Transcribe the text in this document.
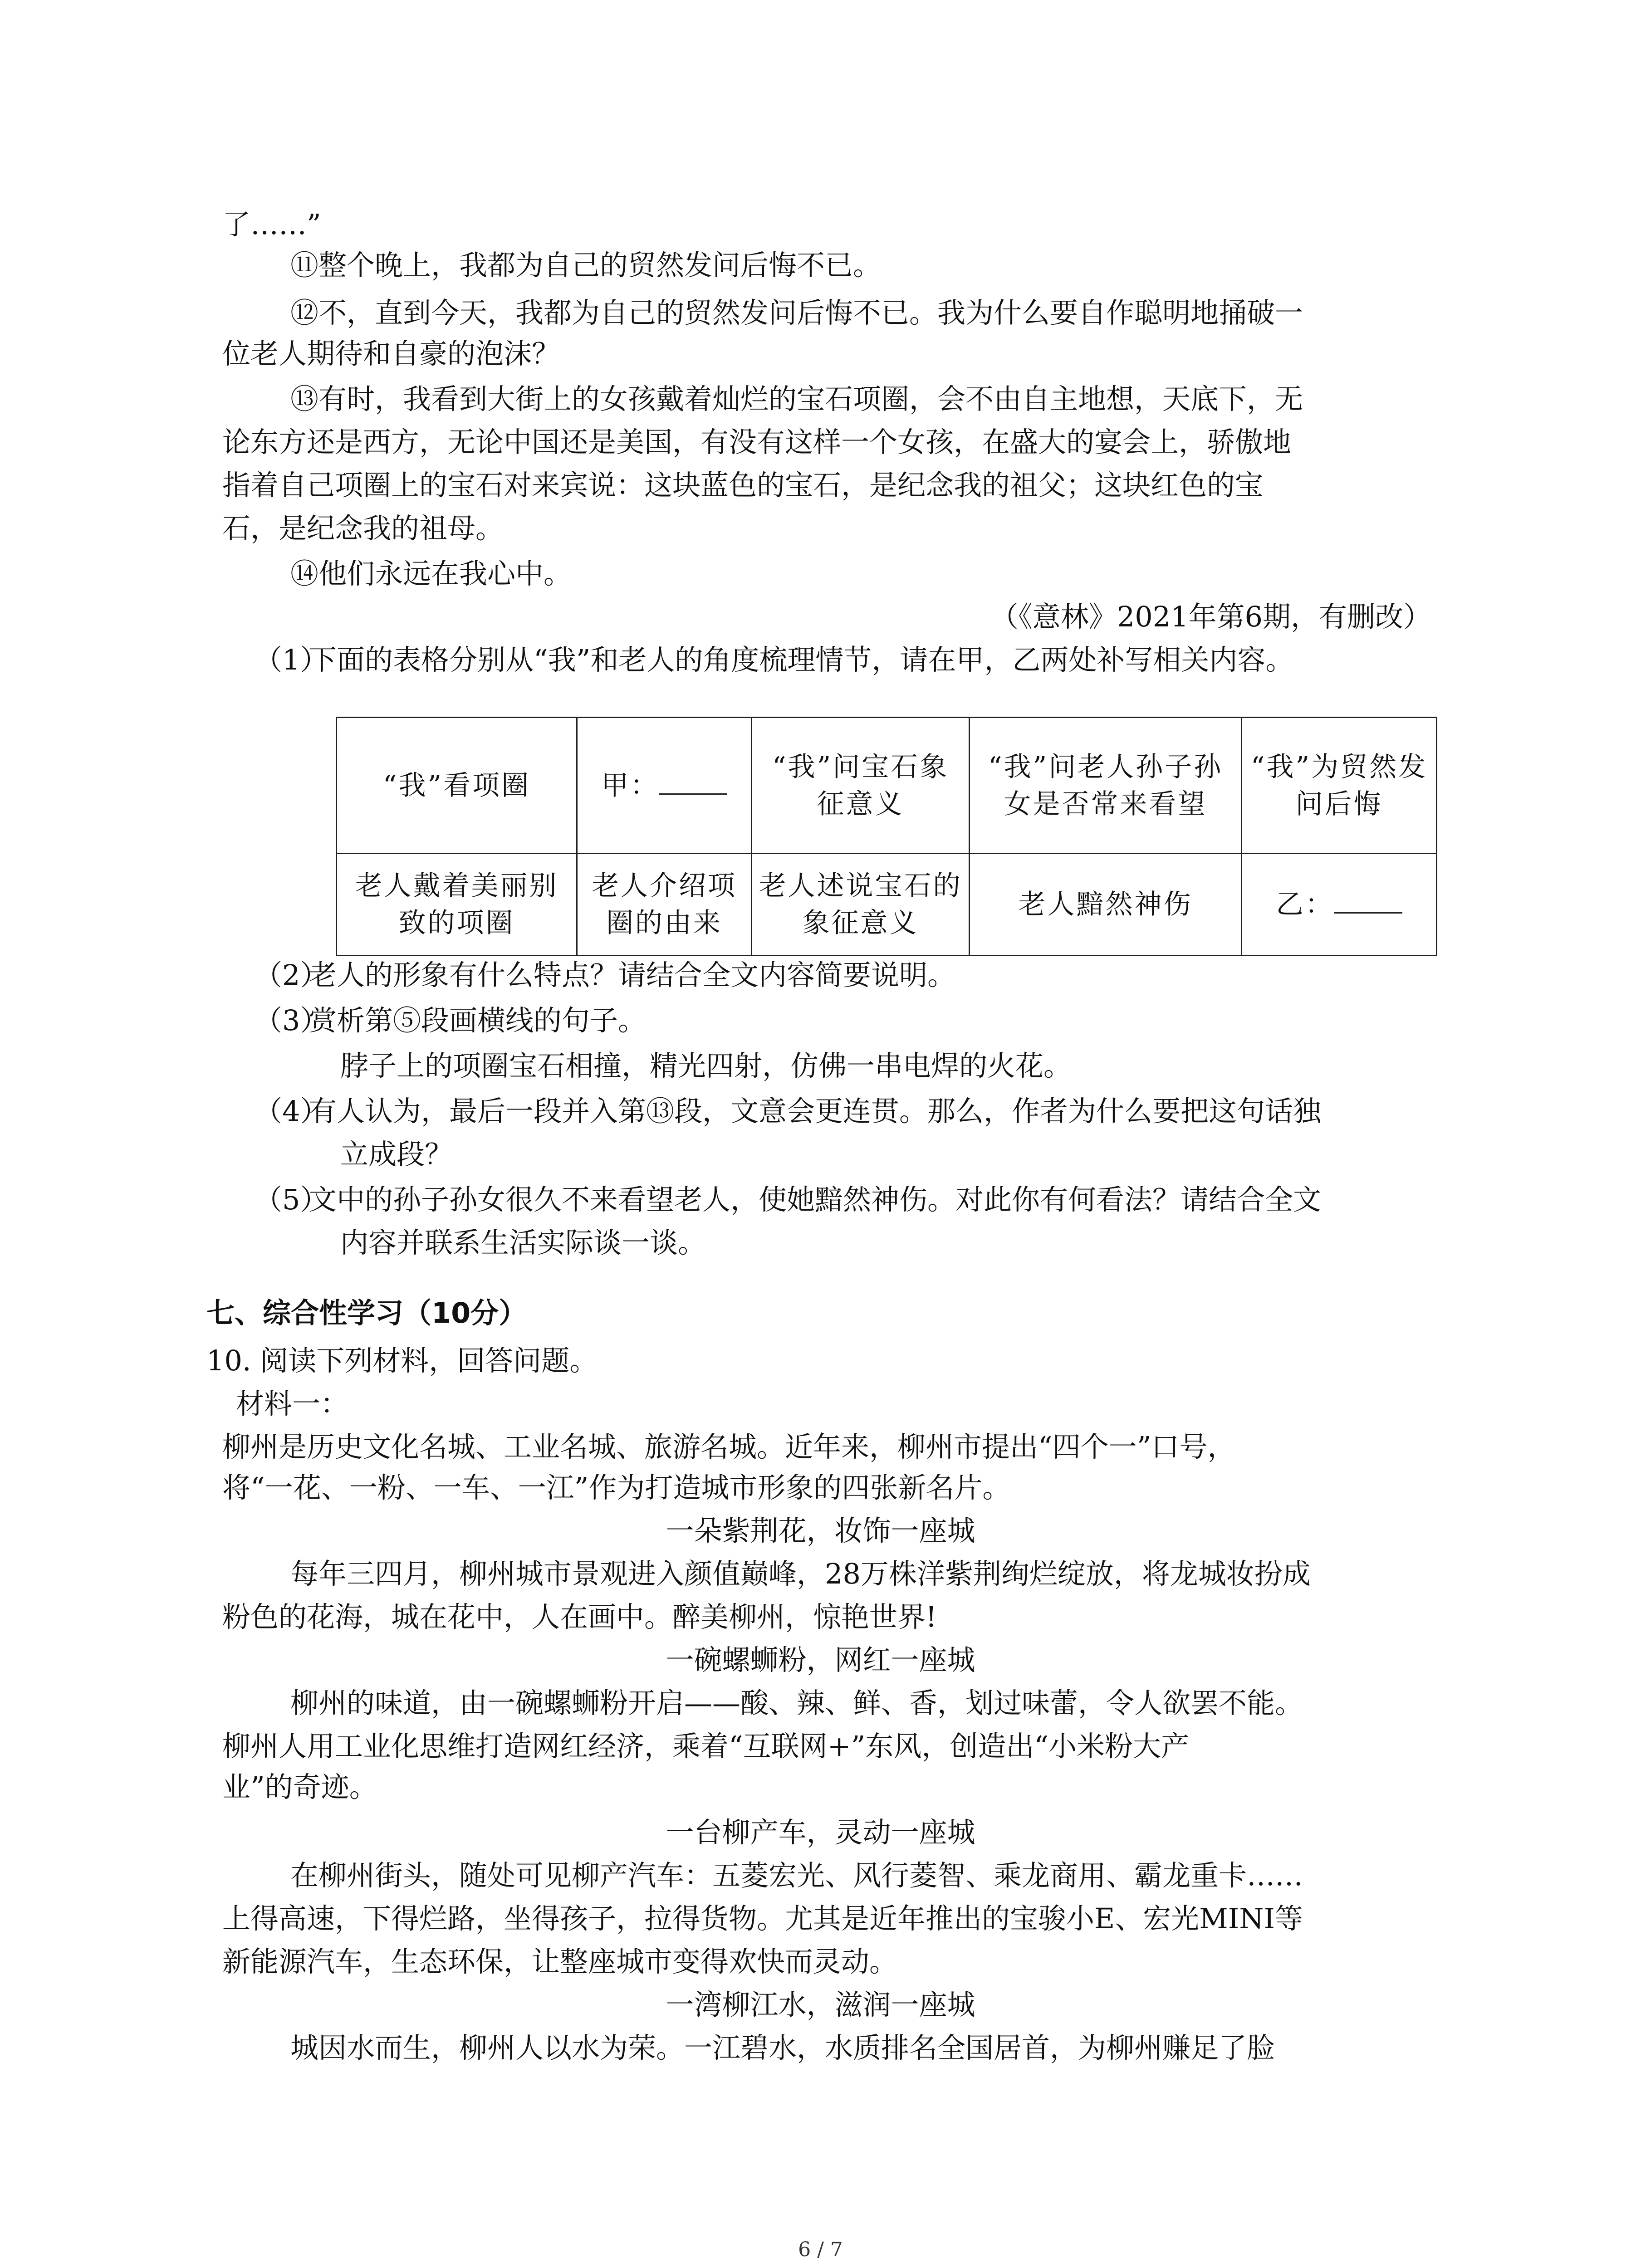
了……”
⑪整个晚上，我都为自己的贸然发问后悔不已。
⑫不，直到今天，我都为自己的贸然发问后悔不已。我为什么要自作聪明地捅破一
位老人期待和自豪的泡沫？
⑬有时，我看到大街上的女孩戴着灿烂的宝石项圈，会不由自主地想，天底下，无
论东方还是西方，无论中国还是美国，有没有这样一个女孩，在盛大的宴会上，骄傲地
指着自己项圈上的宝石对来宾说：这块蓝色的宝石，是纪念我的祖父；这块红色的宝
石，是纪念我的祖母。
⑭他们永远在我心中。
（《意林》2021年第6期，有删改）
（1）下面的表格分别从“我”和老人的角度梳理情节，请在甲，乙两处补写相关内容。
“我”看项圈	甲：	“我”问宝石象征意义	“我”问老人孙子孙女是否常来看望	“我”为贸然发问后悔
老人戴着美丽别致的项圈	老人介绍项圈的由来	老人述说宝石的象征意义	老人黯然神伤	乙：
（2）老人的形象有什么特点？请结合全文内容简要说明。
（3）赏析第⑤段画横线的句子。
脖子上的项圈宝石相撞，精光四射，仿佛一串电焊的火花。
（4）有人认为，最后一段并入第⑬段，文意会更连贯。那么，作者为什么要把这句话独
立成段？
（5）文中的孙子孙女很久不来看望老人，使她黯然神伤。对此你有何看法？请结合全文
内容并联系生活实际谈一谈。
七、综合性学习（10分）
10. 阅读下列材料，回答问题。
材料一：
柳州是历史文化名城、工业名城、旅游名城。近年来，柳州市提出“四个一”口号，
将“一花、一粉、一车、一江”作为打造城市形象的四张新名片。
一朵紫荆花，妆饰一座城
每年三四月，柳州城市景观进入颜值巅峰，28万株洋紫荆绚烂绽放，将龙城妆扮成
粉色的花海，城在花中，人在画中。醉美柳州，惊艳世界!
一碗螺蛳粉，网红一座城
柳州的味道，由一碗螺蛳粉开启——酸、辣、鲜、香，划过味蕾，令人欲罢不能。
柳州人用工业化思维打造网红经济，乘着“互联网+”东风，创造出“小米粉大产
业”的奇迹。
一台柳产车，灵动一座城
在柳州街头，随处可见柳产汽车：五菱宏光、风行菱智、乘龙商用、霸龙重卡……
上得高速，下得烂路，坐得孩子，拉得货物。尤其是近年推出的宝骏小E、宏光MINI等
新能源汽车，生态环保，让整座城市变得欢快而灵动。
一湾柳江水，滋润一座城
城因水而生，柳州人以水为荣。一江碧水，水质排名全国居首，为柳州赚足了脸
6 / 7
